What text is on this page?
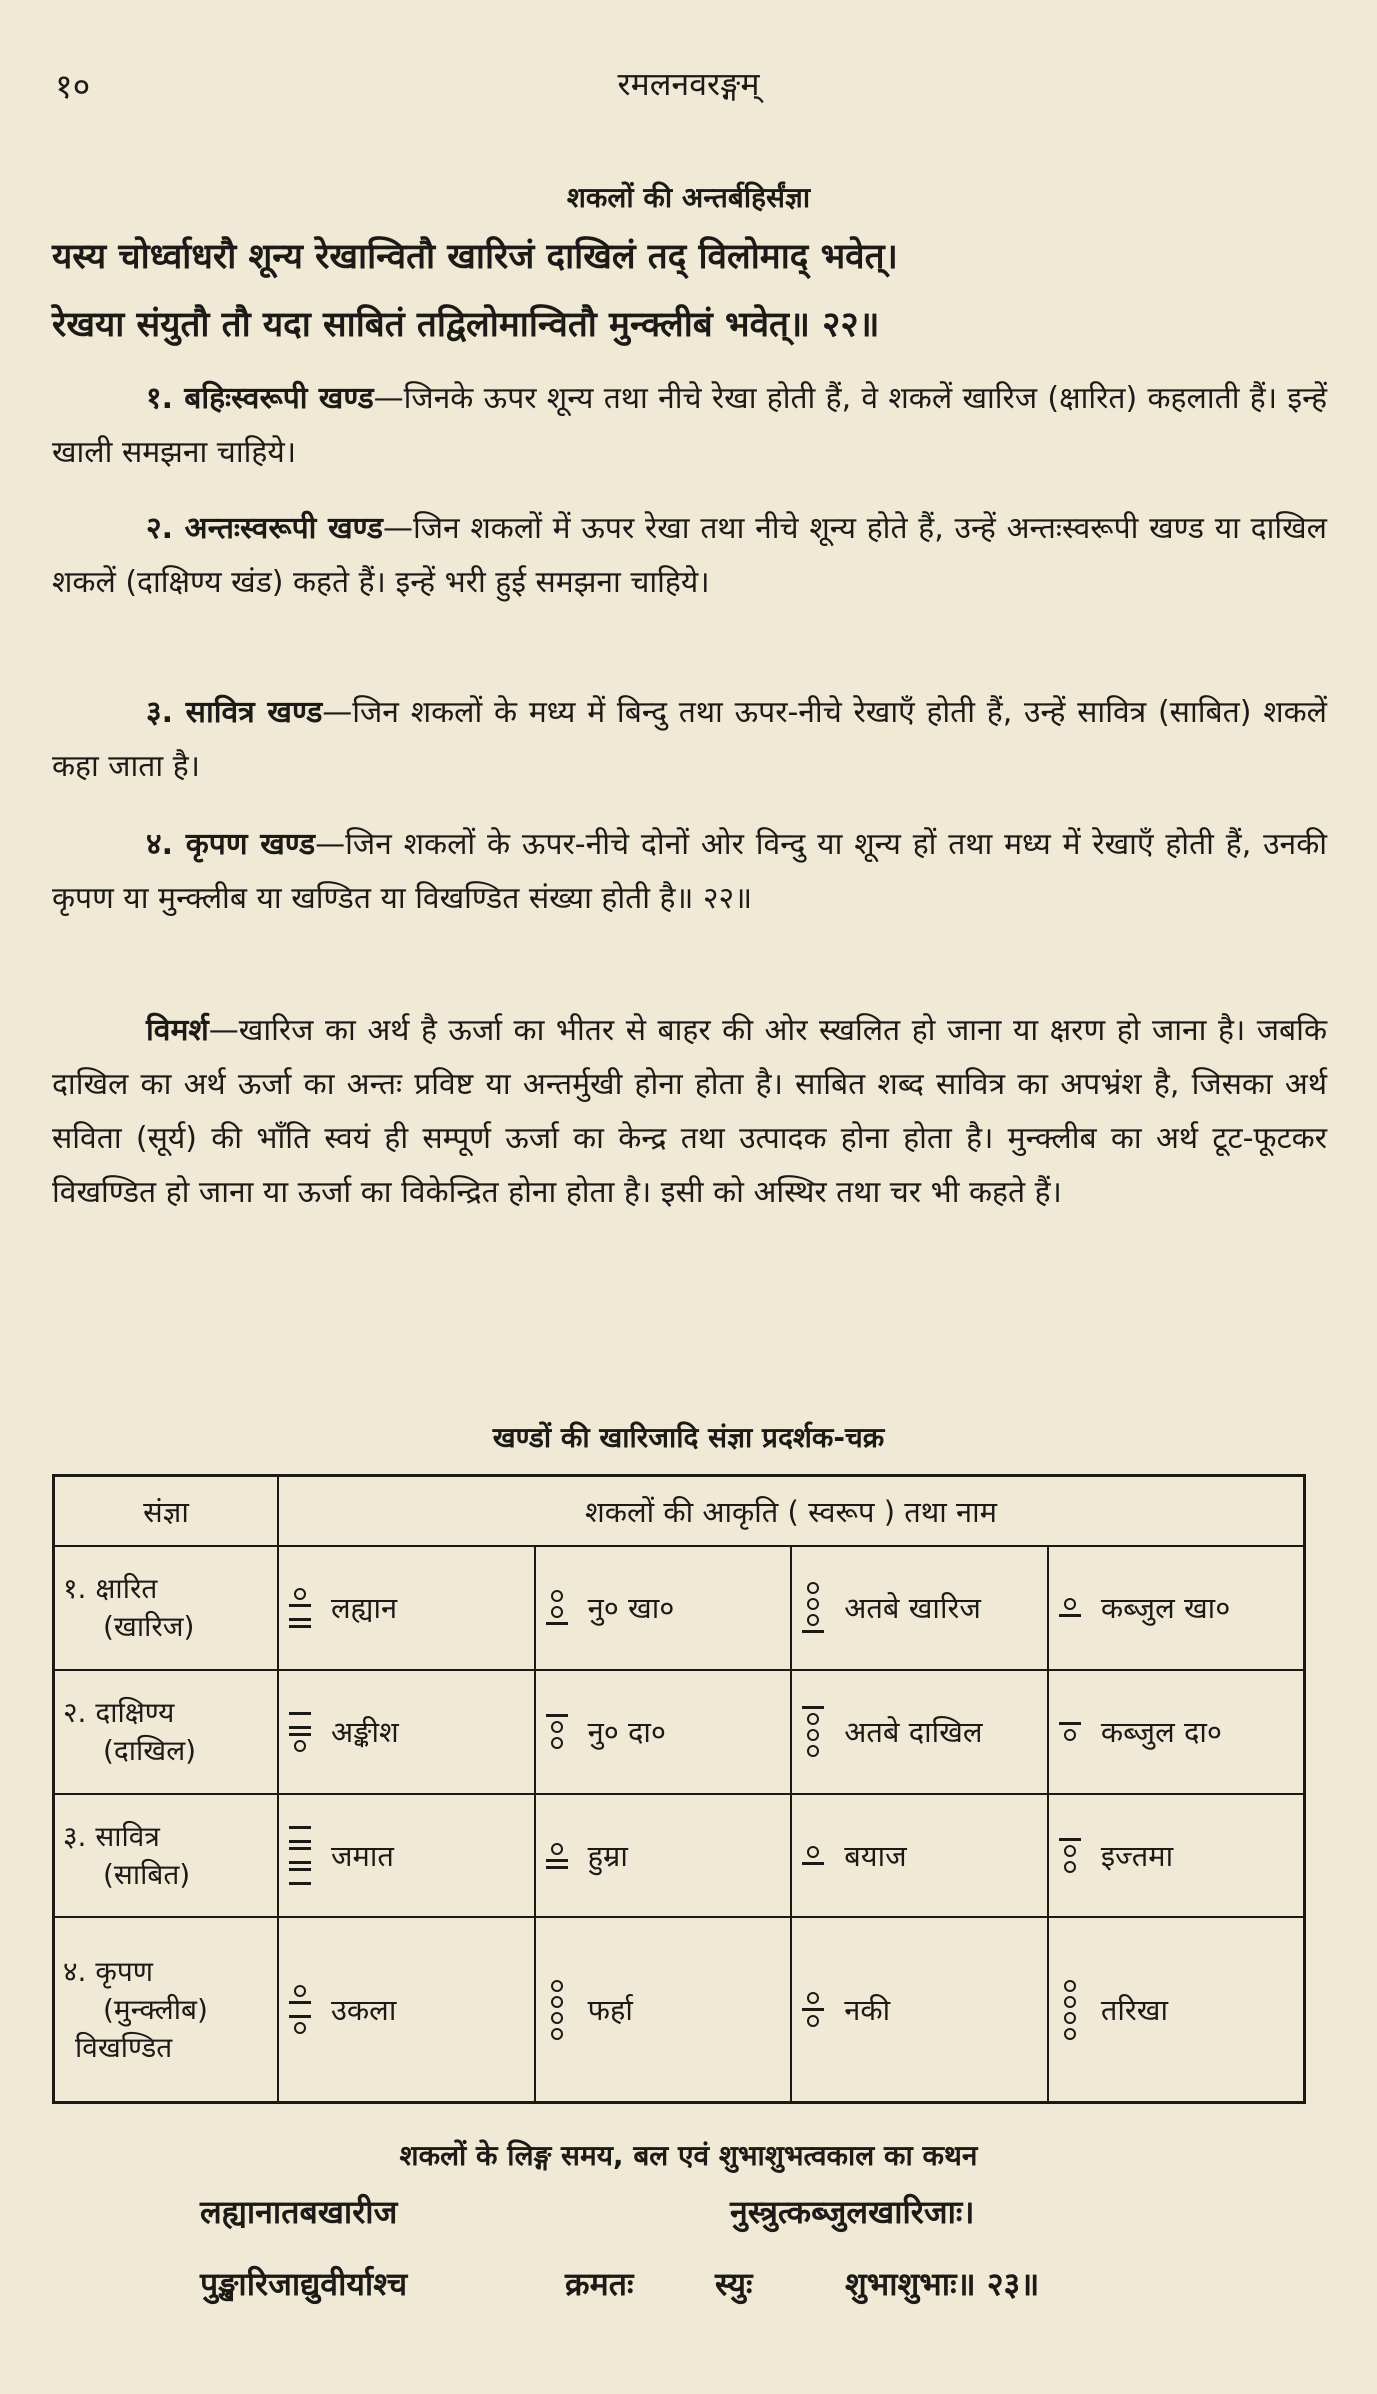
१०	रमलनवरङ्गम्
शकलों की अन्तर्बहिर्संज्ञा
यस्य चोर्ध्वाधरौ शून्य रेखान्वितौ खारिजं दाखिलं तद् विलोमाद् भवेत्।
रेखया संयुतौ तौ यदा साबितं तद्विलोमान्वितौ मुन्क्लीबं भवेत्॥ २२॥
१. बहिःस्वरूपी खण्ड—जिनके ऊपर शून्य तथा नीचे रेखा होती हैं, वे शकलें खारिज (क्षारित) कहलाती हैं। इन्हें खाली समझना चाहिये।
२. अन्तःस्वरूपी खण्ड—जिन शकलों में ऊपर रेखा तथा नीचे शून्य होते हैं, उन्हें अन्तःस्वरूपी खण्ड या दाखिल शकलें (दाक्षिण्य खंड) कहते हैं। इन्हें भरी हुई समझना चाहिये।
३. सावित्र खण्ड—जिन शकलों के मध्य में बिन्दु तथा ऊपर-नीचे रेखाएँ होती हैं, उन्हें सावित्र (साबित) शकलें कहा जाता है।
४. कृपण खण्ड—जिन शकलों के ऊपर-नीचे दोनों ओर विन्दु या शून्य हों तथा मध्य में रेखाएँ होती हैं, उनकी कृपण या मुन्क्लीब या खण्डित या विखण्डित संख्या होती है॥ २२॥
विमर्श—खारिज का अर्थ है ऊर्जा का भीतर से बाहर की ओर स्खलित हो जाना या क्षरण हो जाना है। जबकि दाखिल का अर्थ ऊर्जा का अन्तः प्रविष्ट या अन्तर्मुखी होना होता है। साबित शब्द सावित्र का अपभ्रंश है, जिसका अर्थ सविता (सूर्य) की भाँति स्वयं ही सम्पूर्ण ऊर्जा का केन्द्र तथा उत्पादक होना होता है। मुन्क्लीब का अर्थ टूट-फूटकर विखण्डित हो जाना या ऊर्जा का विकेन्द्रित होना होता है। इसी को अस्थिर तथा चर भी कहते हैं।
खण्डों की खारिजादि संज्ञा प्रदर्शक-चक्र
संज्ञा	शकलों की आकृति ( स्वरूप ) तथा नाम			

१. क्षारित
(खारिज)	लह्यान	नु० खा०	अतबे खारिज	कब्जुल खा०

२. दाक्षिण्य
(दाखिल)	अङ्कीश	नु० दा०	अतबे दाखिल	कब्जुल दा०

३. सावित्र
(साबित)	जमात	हुम्रा	बयाज	इज्तमा

४. कृपण
(मुन्क्लीब)
विखण्डित	उकला	फर्हा	नकी	तरिखा
शकलों के लिङ्ग समय, बल एवं शुभाशुभत्वकाल का कथन
लह्यानातबखारीज	नुस्त्रुत्कब्जुलखारिजाः।
पुङ्खारिजाद्युवीर्याश्च	क्रमतः	स्युः	शुभाशुभाः॥ २३॥
